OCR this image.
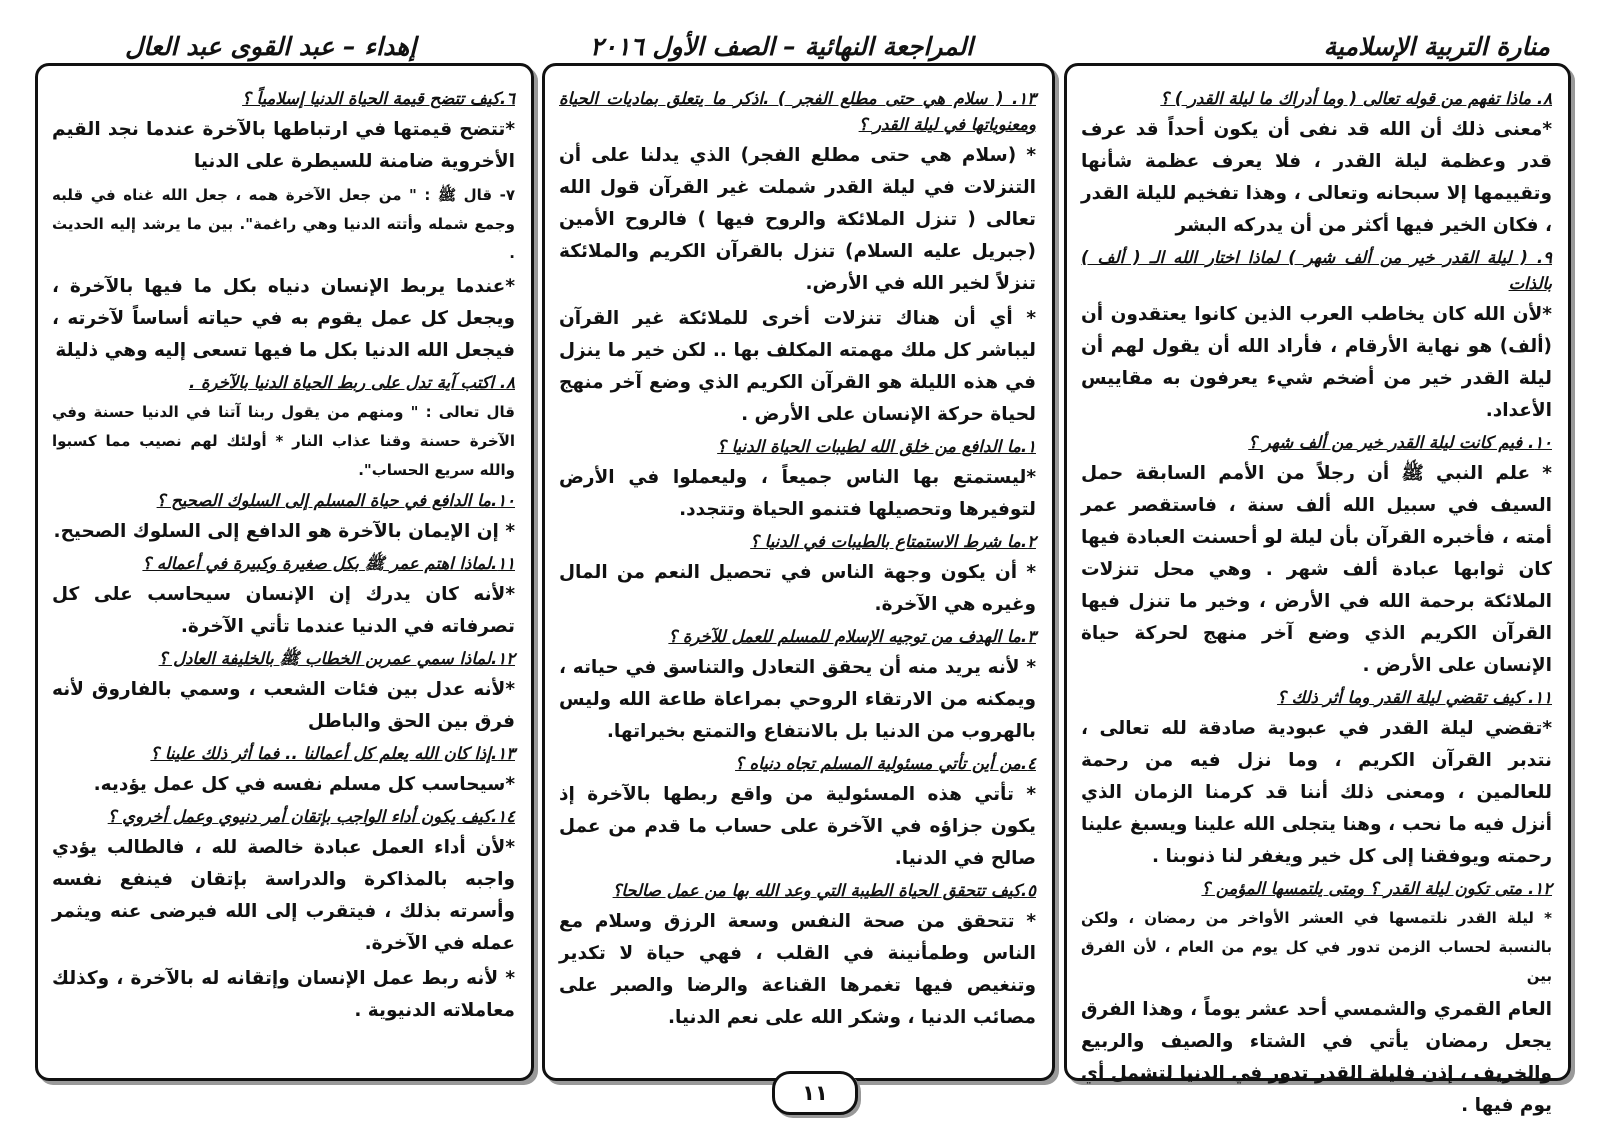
منارة التربية الإسلامية
المراجعة النهائية – الصف الأول ٢٠١٦
إهداء – عبد القوى عبد العال

٨. ماذا تفهم من قوله تعالى ( وما أدراك ما ليلة القدر ) ؟

*معنى ذلك أن الله قد نفى أن يكون أحداً قد عرف قدر وعظمة ليلة القدر ، فلا يعرف عظمة شأنها وتقييمها إلا سبحانه وتعالى ، وهذا تفخيم لليلة القدر ، فكان الخير فيها أكثر من أن يدركه البشر

٩. ( ليلة القدر خير من ألف شهر ) لماذا اختار الله الـ ( ألف ) بالذات

*لأن الله كان يخاطب العرب الذين كانوا يعتقدون أن (ألف) هو نهاية الأرقام ، فأراد الله أن يقول لهم أن ليلة القدر خير من أضخم شيء يعرفون به مقاييس الأعداد.

١٠. فيم كانت ليلة القدر خير من ألف شهر ؟

* علم النبي ﷺ أن رجلاً من الأمم السابقة حمل السيف في سبيل الله ألف سنة ، فاستقصر عمر أمته ، فأخبره القرآن بأن ليلة لو أحسنت العبادة فيها كان ثوابها عبادة ألف شهر . وهي محل تنزلات الملائكة برحمة الله في الأرض ، وخير ما تنزل فيها القرآن الكريم الذي وضع آخر منهج لحركة حياة الإنسان على الأرض .

١١. كيف تقضي ليلة القدر وما أثر ذلك ؟

*تقضي ليلة القدر في عبودية صادقة لله تعالى ، نتدبر القرآن الكريم ، وما نزل فيه من رحمة للعالمين ، ومعنى ذلك أننا قد كرمنا الزمان الذي أنزل فيه ما نحب ، وهنا يتجلى الله علينا ويسبغ علينا رحمته ويوفقنا إلى كل خير ويغفر لنا ذنوبنا .

١٢. متى تكون ليلة القدر ؟ ومتى يلتمسها المؤمن ؟

* ليلة القدر نلتمسها في العشر الأواخر من رمضان ، ولكن بالنسبة لحساب الزمن تدور في كل يوم من العام ، لأن الفرق بين

العام القمري والشمسي أحد عشر يوماً ، وهذا الفرق يجعل رمضان يأتي في الشتاء والصيف والربيع والخريف ، إذن فليلة القدر تدور في الدنيا لتشمل أي يوم فيها .

١٣. ( سلام هي حتى مطلع الفجر ) .اذكر ما يتعلق بماديات الحياة ومعنوياتها في ليلة القدر ؟

* (سلام هي حتى مطلع الفجر) الذي يدلنا على أن التنزلات في ليلة القدر شملت غير القرآن قول الله تعالى ( تنزل الملائكة والروح فيها ) فالروح الأمين (جبريل عليه السلام) تنزل بالقرآن الكريم والملائكة تنزلاً لخير الله في الأرض.

* أي أن هناك تنزلات أخرى للملائكة غير القرآن ليباشر كل ملك مهمته المكلف بها .. لكن خير ما ينزل في هذه الليلة هو القرآن الكريم الذي وضع آخر منهج لحياة حركة الإنسان على الأرض .

١.ما الدافع من خلق الله لطيبات الحياة الدنيا ؟

*ليستمتع بها الناس جميعاً ، وليعملوا في الأرض لتوفيرها وتحصيلها فتنمو الحياة وتتجدد.

٢.ما شرط الاستمتاع بالطيبات في الدنيا ؟

* أن يكون وجهة الناس في تحصيل النعم من المال وغيره هي الآخرة.

٣.ما الهدف من توجيه الإسلام للمسلم للعمل للآخرة ؟

* لأنه يريد منه أن يحقق التعادل والتناسق في حياته ، ويمكنه من الارتقاء الروحي بمراعاة طاعة الله وليس بالهروب من الدنيا بل بالانتفاع والتمتع بخيراتها.

٤.من أين تأتي مسئولية المسلم تجاه دنياه ؟

* تأتي هذه المسئولية من واقع ربطها بالآخرة إذ يكون جزاؤه في الآخرة على حساب ما قدم من عمل صالح في الدنيا.

٥.كيف تتحقق الحياة الطيبة التي وعد الله بها من عمل صالحا؟

* تتحقق من صحة النفس وسعة الرزق وسلام مع الناس وطمأنينة في القلب ، فهي حياة لا تكدير وتنغيص فيها تغمرها القناعة والرضا والصبر على مصائب الدنيا ، وشكر الله على نعم الدنيا.

٦.كيف تتضح قيمة الحياة الدنيا إسلامياً ؟

*تتضح قيمتها في ارتباطها بالآخرة عندما نجد القيم الأخروية ضامنة للسيطرة على الدنيا

٧- قال ﷺ : " من جعل الآخرة همه ، جعل الله غناه في قلبه وجمع شمله وأتته الدنيا وهي راغمة". بين ما يرشد إليه الحديث .

*عندما يربط الإنسان دنياه بكل ما فيها بالآخرة ، ويجعل كل عمل يقوم به في حياته أساساً لآخرته ، فيجعل الله الدنيا بكل ما فيها تسعى إليه وهي ذليلة

٨. اكتب آية تدل على ربط الحياة الدنيا بالآخرة .

قال تعالى : " ومنهم من يقول ربنا آتنا في الدنيا حسنة وفي الآخرة حسنة وقنا عذاب النار * أولئك لهم نصيب مما كسبوا والله سريع الحساب".

١٠.ما الدافع في حياة المسلم إلى السلوك الصحيح ؟

* إن الإيمان بالآخرة هو الدافع إلى السلوك الصحيح.

١١.لماذا اهتم عمر ﷺ بكل صغيرة وكبيرة في أعماله ؟

*لأنه كان يدرك إن الإنسان سيحاسب على كل تصرفاته في الدنيا عندما تأتي الآخرة.

١٢.لماذا سمي عمربن الخطاب ﷺ بالخليفة العادل ؟

*لأنه عدل بين فئات الشعب ، وسمي بالفاروق لأنه فرق بين الحق والباطل

١٣.إذا كان الله يعلم كل أعمالنا .. فما أثر ذلك علينا ؟

*سيحاسب كل مسلم نفسه في كل عمل يؤديه.

١٤.كيف يكون أداء الواجب بإتقان أمر دنيوي وعمل أخروي ؟

*لأن أداء العمل عبادة خالصة لله ، فالطالب يؤدي واجبه بالمذاكرة والدراسة بإتقان فينفع نفسه وأسرته بذلك ، فيتقرب إلى الله فيرضى عنه ويثمر عمله في الآخرة.

* لأنه ربط عمل الإنسان وإتقانه له بالآخرة ، وكذلك معاملاته الدنيوية .

١١
